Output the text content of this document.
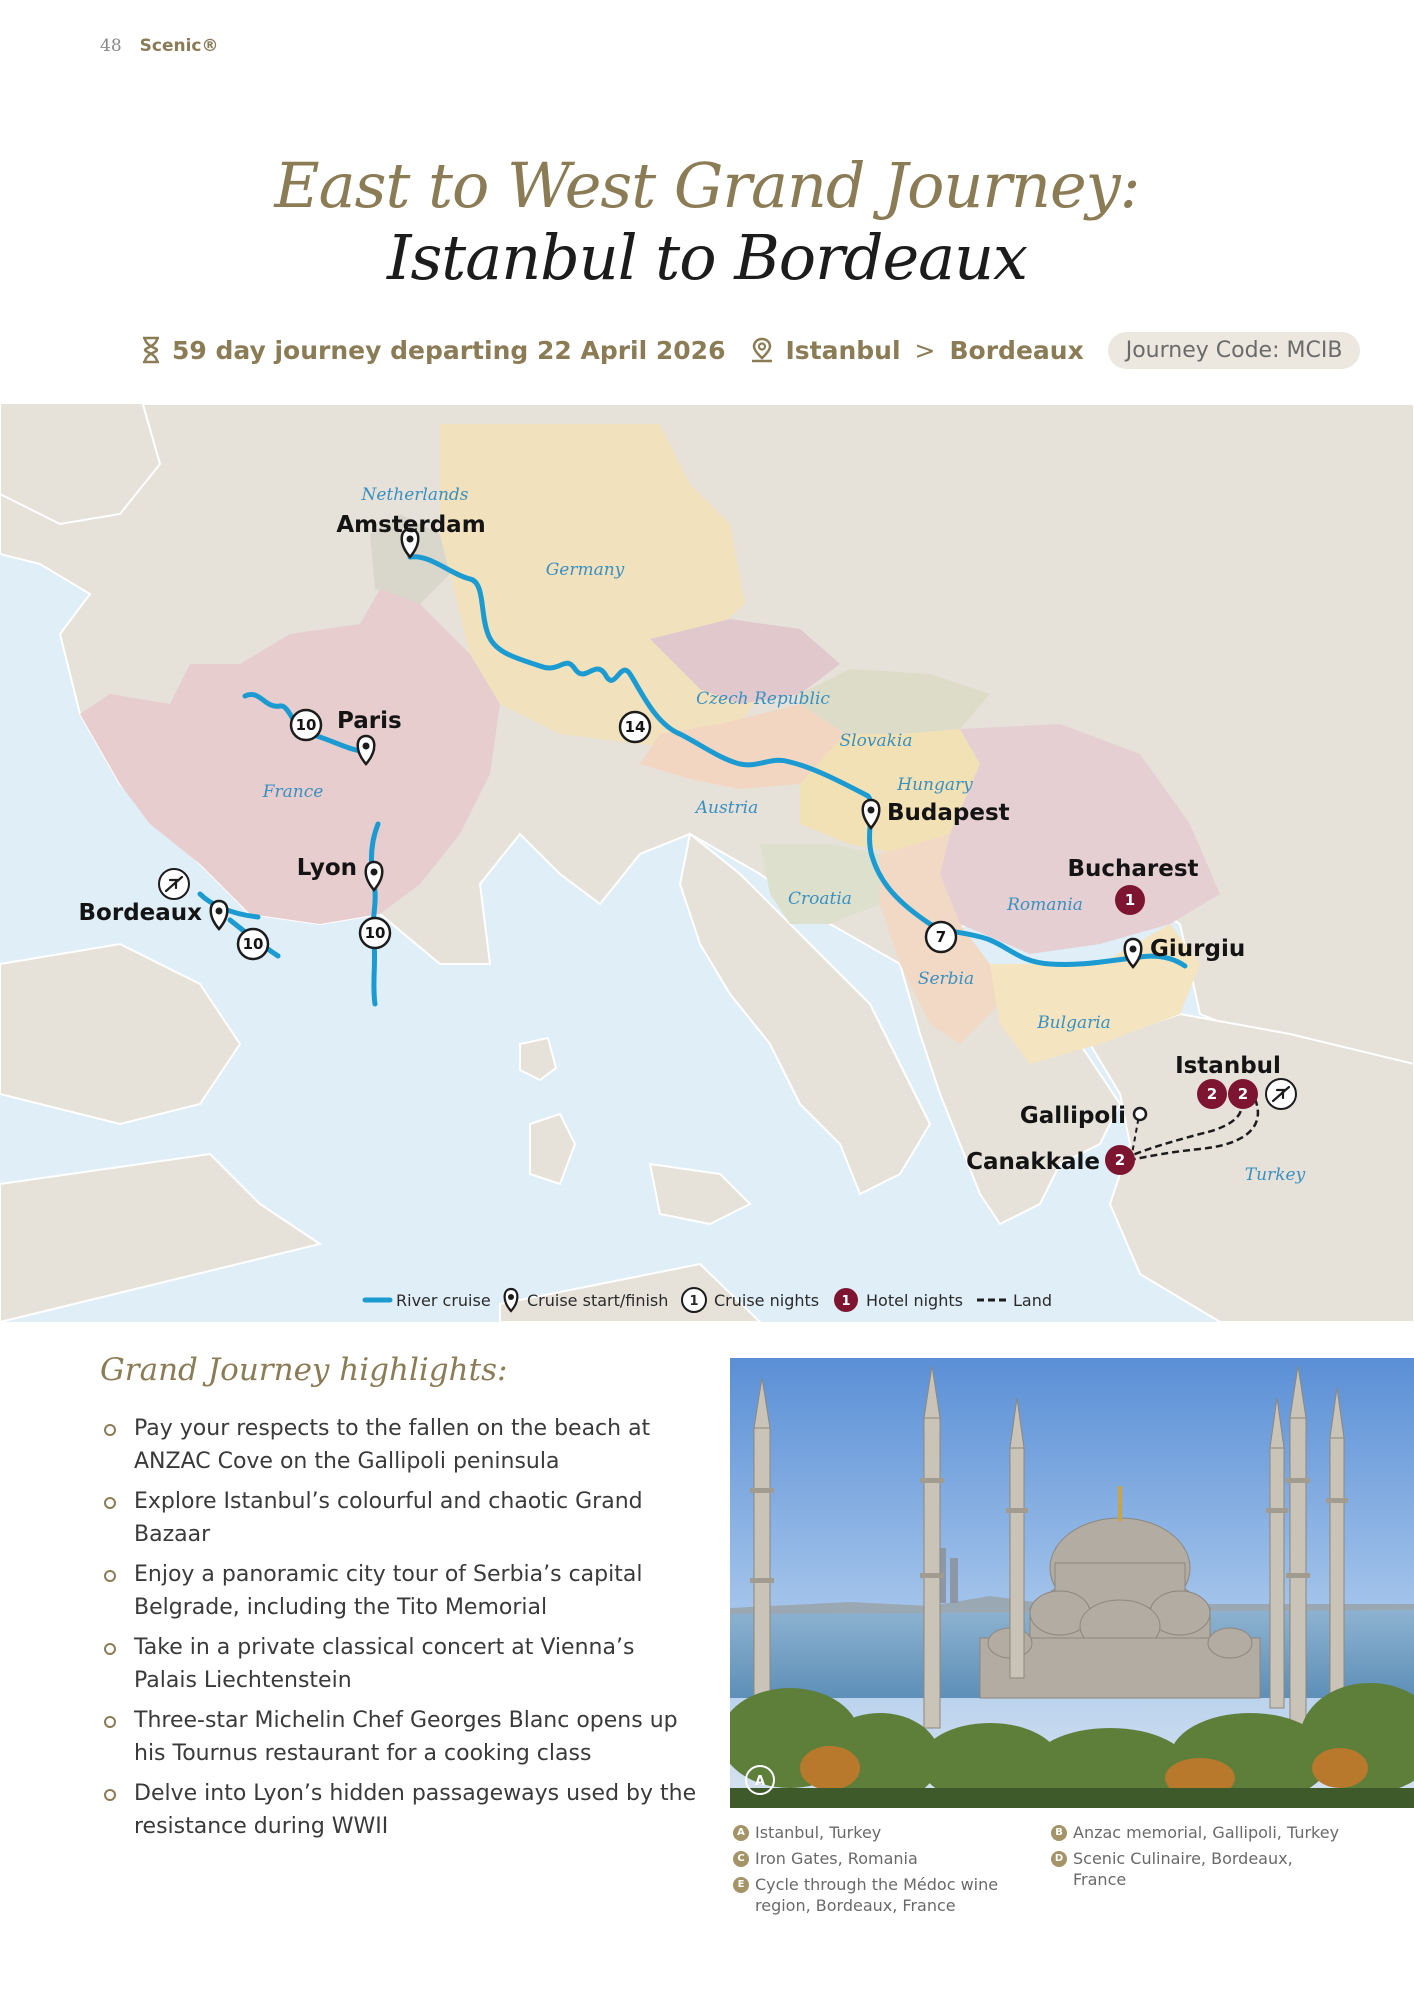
48 Scenic®
East to West Grand Journey:
Istanbul to Bordeaux
59 day journey departing 22 April 2026 Istanbul > Bordeaux	Journey Code: MCIB
Netherlands
Germany
Czech Republic
Slovakia
Hungary
Austria
France
Croatia	Romania
Serbia
Bulgaria
Turkey
Amsterdam
Paris
Budapest
Lyon	Bucharest
Bordeaux
Giurgiu
Istanbul
Gallipoli
Canakkale
14
10
10
10	7
1
2 2
2
River cruise Cruise start/finish 1 Cruise nights 1 Hotel nights	Land
Grand Journey highlights:
Pay your respects to the fallen on the beach at ANZAC Cove on the Gallipoli peninsula
Explore Istanbul’s colourful and chaotic Grand Bazaar
Enjoy a panoramic city tour of Serbia’s capital Belgrade, including the Tito Memorial
Take in a private classical concert at Vienna’s Palais Liechtenstein
Three-star Michelin Chef Georges Blanc opens up his Tournus restaurant for a cooking class
Delve into Lyon’s hidden passageways used by the resistance during WWII
A
A Istanbul, Turkey
C Iron Gates, Romania
E Cycle through the Médoc wine region, Bordeaux, France
B Anzac memorial, Gallipoli, Turkey
D Scenic Culinaire, Bordeaux, France
